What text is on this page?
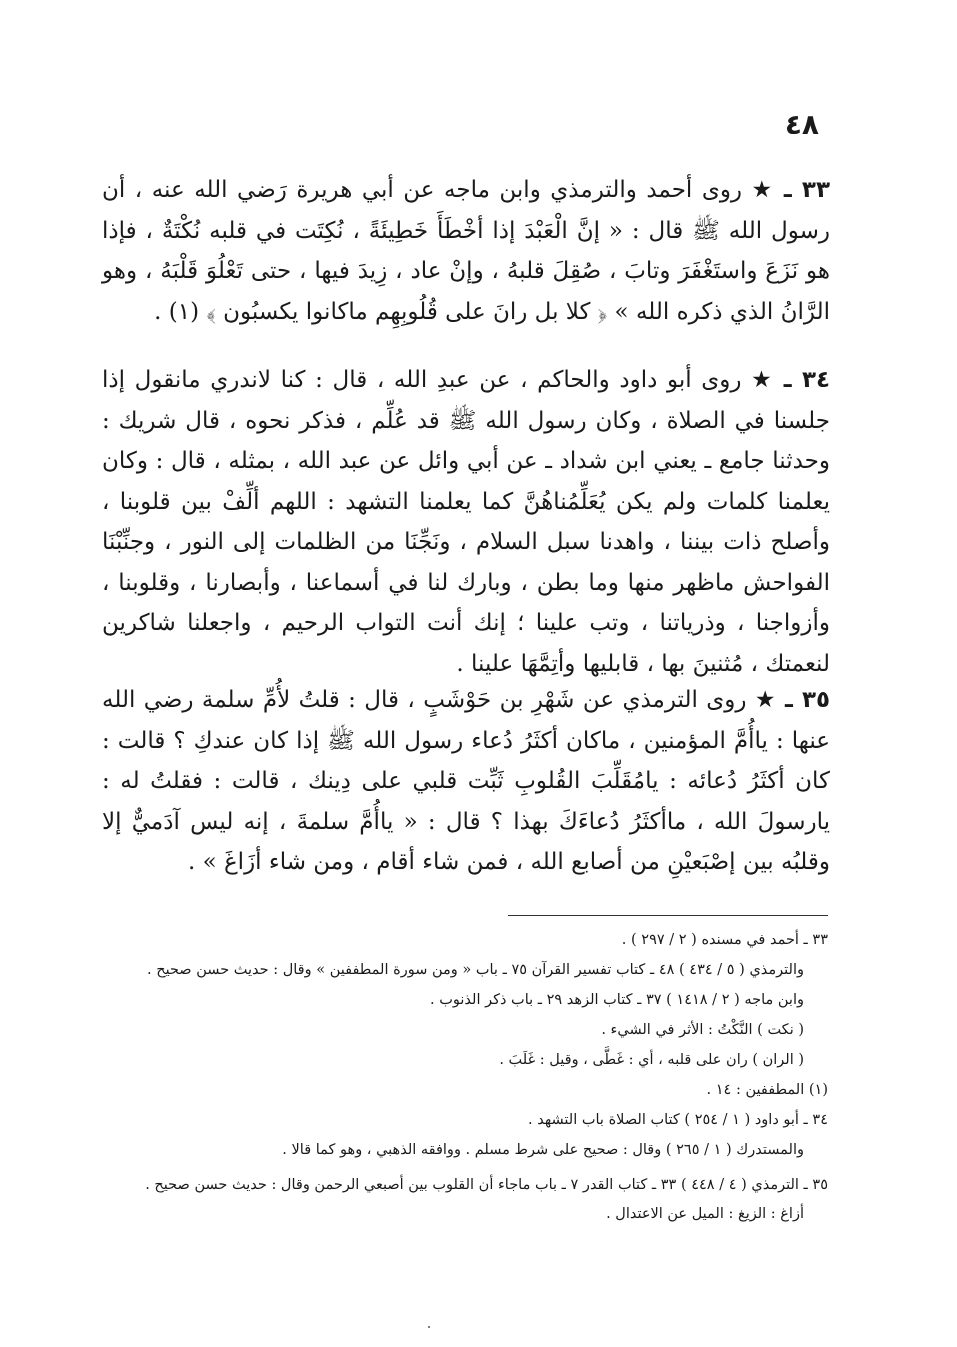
٤٨
٣٣ ـ ★ روى أحمد والترمذي وابن ماجه عن أبي هريرة رَضي الله عنه ، أن رسول الله ﷺ قال : « إنَّ الْعَبْدَ إذا أخْطَأَ خَطِيئَةً ، نُكِتَت في قلبه نُكْتَةٌ ، فإذا هو نَزَعَ واستَغْفَرَ وتابَ ، صُقِلَ قلبهُ ، وإنْ عاد ، زِيدَ فيها ، حتى تَعْلُوَ قَلْبَهُ ، وهو الرَّانُ الذي ذكره الله » ﴿ كلا بل رانَ على قُلُوبِهِم ماكانوا يكسبُون ﴾ (١) .
٣٤ ـ ★ روى أبو داود والحاكم ، عن عبدِ الله ، قال : كنا لاندري مانقول إذا جلسنا في الصلاة ، وكان رسول الله ﷺ قد عُلِّم ، فذكر نحوه ، قال شريك : وحدثنا جامع ـ يعني ابن شداد ـ عن أبي وائل عن عبد الله ، بمثله ، قال : وكان يعلمنا كلمات ولم يكن يُعَلِّمُناهُنَّ كما يعلمنا التشهد : اللهم ألِّفْ بين قلوبنا ، وأصلح ذات بيننا ، واهدنا سبل السلام ، ونَجِّنَا من الظلمات إلى النور ، وجنِّبْنَا الفواحش ماظهر منها وما بطن ، وبارك لنا في أسماعنا ، وأبصارنا ، وقلوبنا ، وأزواجنا ، وذرياتنا ، وتب علينا ؛ إنك أنت التواب الرحيم ، واجعلنا شاكرين لنعمتك ، مُثنينَ بها ، قابليها وأتِمَّهَا علينا .
٣٥ ـ ★ روى الترمذي عن شَهْرِ بن حَوْشَبٍ ، قال : قلتُ لأُمِّ سلمة رضي الله عنها : ياأُمَّ المؤمنين ، ماكان أكثَرُ دُعاء رسول الله ﷺ إذا كان عندكِ ؟ قالت : كان أكثَرُ دُعائه : يامُقَلِّبَ القُلوبِ ثَبِّت قلبي على دِينك ، قالت : فقلتُ له : يارسولَ الله ، ماأكثَرُ دُعاءَكَ بهذا ؟ قال : « ياأُمَّ سلمةَ ، إنه ليس آدَميٌّ إلا وقلبُه بين إصْبَعيْنِ من أصابع الله ، فمن شاء أقام ، ومن شاء أزَاغَ » .

٣٣ ـ أحمد في مسنده ( ٢ / ٢٩٧ ) .

والترمذي ( ٥ / ٤٣٤ ) ٤٨ ـ كتاب تفسير القرآن ٧٥ ـ باب « ومن سورة المطففين » وقال : حديث حسن صحيح .

وابن ماجه ( ٢ / ١٤١٨ ) ٣٧ ـ كتاب الزهد ٢٩ ـ باب ذكر الذنوب .

( نكت ) النَّكْتُ : الأثر في الشيء .

( الران ) ران على قلبه ، أي : غَطَّى ، وقيل : غَلَبَ .

(١) المطففين : ١٤ .

٣٤ ـ أبو داود ( ١ / ٢٥٤ ) كتاب الصلاة باب التشهد .

والمستدرك ( ١ / ٢٦٥ ) وقال : صحيح على شرط مسلم . ووافقه الذهبي ، وهو كما قالا .

٣٥ ـ الترمذي ( ٤ / ٤٤٨ ) ٣٣ ـ كتاب القدر ٧ ـ باب ماجاء أن القلوب بين أصبعي الرحمن وقال : حديث حسن صحيح .

أزاغ : الزيغ : الميل عن الاعتدال .
